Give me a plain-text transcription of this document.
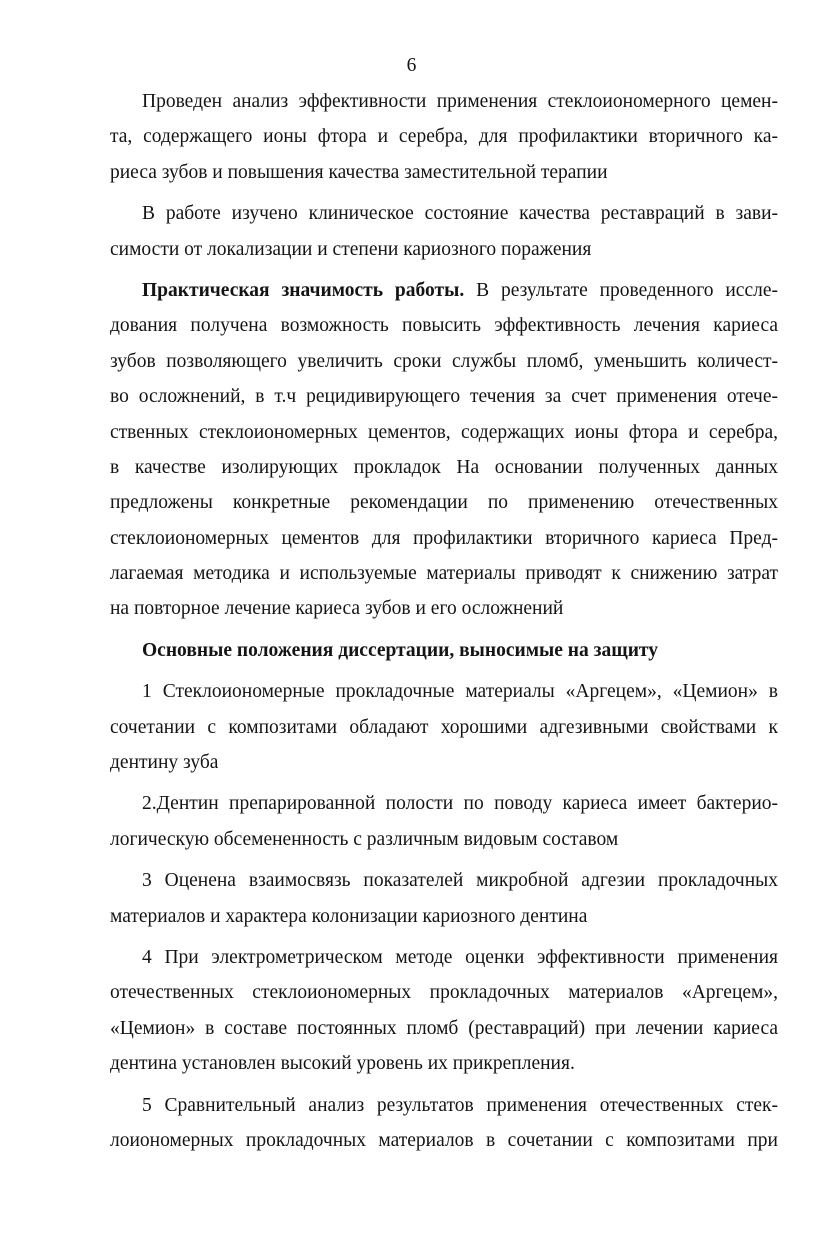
6
Проведен анализ эффективности применения стеклоиономерного цемен-
та, содержащего ионы фтора и серебра, для профилактики вторичного ка-
риеса зубов и повышения качества заместительной терапии
В работе изучено клиническое состояние качества реставраций в зави-
симости от локализации и степени кариозного поражения
Практическая значимость работы. В результате проведенного иссле-
дования получена возможность повысить эффективность лечения кариеса
зубов позволяющего увеличить сроки службы пломб, уменьшить количест-
во осложнений, в т.ч рецидивирующего течения за счет применения отече-
ственных стеклоиономерных цементов, содержащих ионы фтора и серебра,
в качестве изолирующих прокладок На основании полученных данных
предложены конкретные рекомендации по применению отечественных
стеклоиономерных цементов для профилактики вторичного кариеса Пред-
лагаемая методика и используемые материалы приводят к снижению затрат
на повторное лечение кариеса зубов и его осложнений
Основные положения диссертации, выносимые на защиту
1 Стеклоиономерные прокладочные материалы «Аргецем», «Цемион» в
сочетании с композитами обладают хорошими адгезивными свойствами к
дентину зуба
2.Дентин препарированной полости по поводу кариеса имеет бактерио-
логическую обсемененность с различным видовым составом
3 Оценена взаимосвязь показателей микробной адгезии прокладочных
материалов и характера колонизации кариозного дентина
4 При электрометрическом методе оценки эффективности применения
отечественных стеклоиономерных прокладочных материалов «Аргецем»,
«Цемион» в составе постоянных пломб (реставраций) при лечении кариеса
дентина установлен высокий уровень их прикрепления.
5 Сравнительный анализ результатов применения отечественных стек-
лоиономерных прокладочных материалов в сочетании с композитами при
